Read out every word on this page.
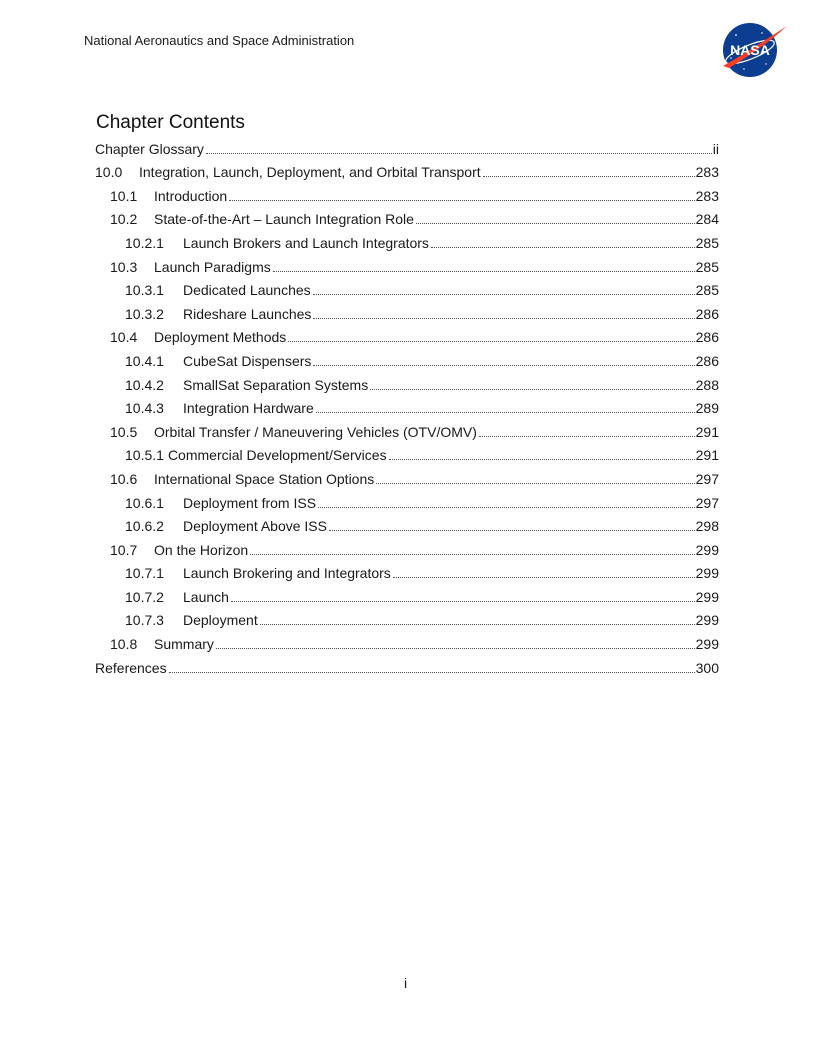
National Aeronautics and Space Administration
NASA
Chapter Contents
Chapter Glossary	ii
10.0	Integration, Launch, Deployment, and Orbital Transport	283
10.1	Introduction	283
10.2	State-of-the-Art – Launch Integration Role	284
10.2.1	Launch Brokers and Launch Integrators	285
10.3	Launch Paradigms	285
10.3.1	Dedicated Launches	285
10.3.2	Rideshare Launches	286
10.4	Deployment Methods	286
10.4.1	CubeSat Dispensers	286
10.4.2	SmallSat Separation Systems	288
10.4.3	Integration Hardware	289
10.5	Orbital Transfer / Maneuvering Vehicles (OTV/OMV)	291
10.5.1 Commercial Development/Services	291
10.6	International Space Station Options	297
10.6.1	Deployment from ISS	297
10.6.2	Deployment Above ISS	298
10.7	On the Horizon	299
10.7.1	Launch Brokering and Integrators	299
10.7.2	Launch	299
10.7.3	Deployment	299
10.8	Summary	299
References	300
i
